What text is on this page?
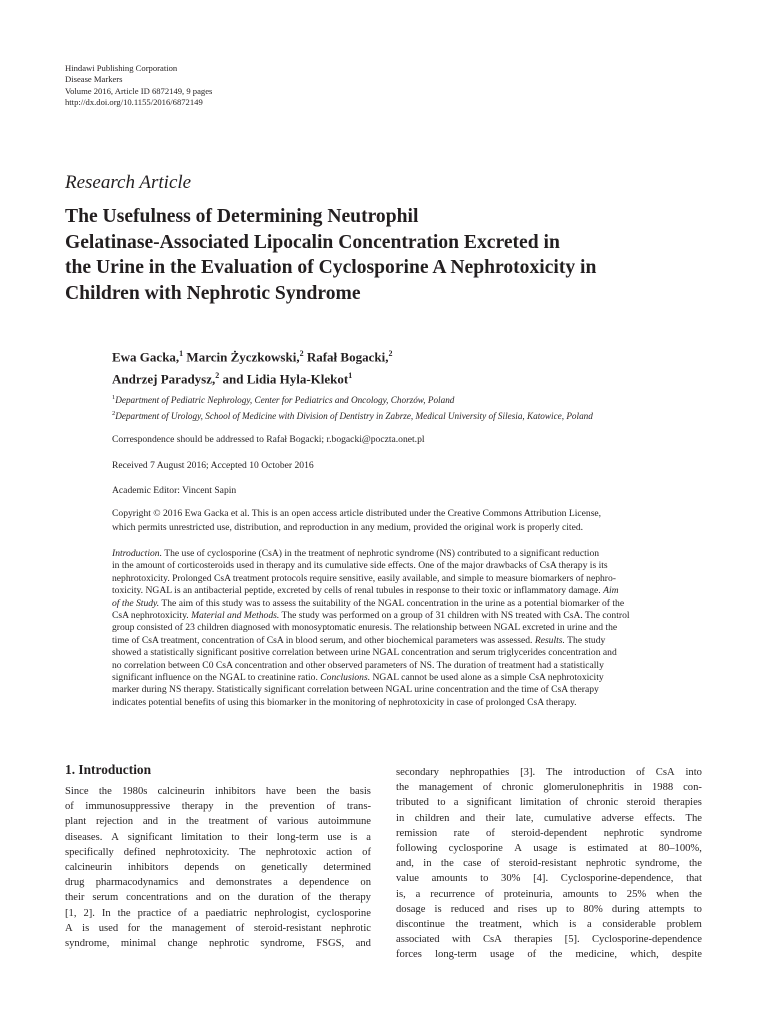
Hindawi Publishing Corporation
Disease Markers
Volume 2016, Article ID 6872149, 9 pages
http://dx.doi.org/10.1155/2016/6872149
Research Article
The Usefulness of Determining Neutrophil
Gelatinase-Associated Lipocalin Concentration Excreted in
the Urine in the Evaluation of Cyclosporine A Nephrotoxicity in
Children with Nephrotic Syndrome
Ewa Gacka,$^1$ Marcin Życzkowski,$^2$ Rafał Bogacki,$^2$
Andrzej Paradysz,$^2$ and Lidia Hyla-Klekot$^1$
$^1$Department of Pediatric Nephrology, Center for Pediatrics and Oncology, Chorzów, Poland
$^2$Department of Urology, School of Medicine with Division of Dentistry in Zabrze, Medical University of Silesia, Katowice, Poland
Correspondence should be addressed to Rafał Bogacki; r.bogacki@poczta.onet.pl
Received 7 August 2016; Accepted 10 October 2016
Academic Editor: Vincent Sapin
Copyright © 2016 Ewa Gacka et al. This is an open access article distributed under the Creative Commons Attribution License,
which permits unrestricted use, distribution, and reproduction in any medium, provided the original work is properly cited.
Introduction. The use of cyclosporine (CsA) in the treatment of nephrotic syndrome (NS) contributed to a significant reduction
in the amount of corticosteroids used in therapy and its cumulative side effects. One of the major drawbacks of CsA therapy is its
nephrotoxicity. Prolonged CsA treatment protocols require sensitive, easily available, and simple to measure biomarkers of nephro-
toxicity. NGAL is an antibacterial peptide, excreted by cells of renal tubules in response to their toxic or inflammatory damage. Aim
of the Study. The aim of this study was to assess the suitability of the NGAL concentration in the urine as a potential biomarker of the
CsA nephrotoxicity. Material and Methods. The study was performed on a group of 31 children with NS treated with CsA. The control
group consisted of 23 children diagnosed with monosyptomatic enuresis. The relationship between NGAL excreted in urine and the
time of CsA treatment, concentration of CsA in blood serum, and other biochemical parameters was assessed. Results. The study
showed a statistically significant positive correlation between urine NGAL concentration and serum triglycerides concentration and
no correlation between C0 CsA concentration and other observed parameters of NS. The duration of treatment had a statistically
significant influence on the NGAL to creatinine ratio. Conclusions. NGAL cannot be used alone as a simple CsA nephrotoxicity
marker during NS therapy. Statistically significant correlation between NGAL urine concentration and the time of CsA therapy
indicates potential benefits of using this biomarker in the monitoring of nephrotoxicity in case of prolonged CsA therapy.
1. Introduction
Since the 1980s calcineurin inhibitors have been the basis
of immunosuppressive therapy in the prevention of trans-
plant rejection and in the treatment of various autoimmune
diseases. A significant limitation to their long-term use is a
specifically defined nephrotoxicity. The nephrotoxic action of
calcineurin inhibitors depends on genetically determined
drug pharmacodynamics and demonstrates a dependence on
their serum concentrations and on the duration of the therapy
[1, 2]. In the practice of a paediatric nephrologist, cyclosporine
A is used for the management of steroid-resistant nephrotic
syndrome, minimal change nephrotic syndrome, FSGS, and
secondary nephropathies [3]. The introduction of CsA into
the management of chronic glomerulonephritis in 1988 con-
tributed to a significant limitation of chronic steroid therapies
in children and their late, cumulative adverse effects. The
remission rate of steroid-dependent nephrotic syndrome
following cyclosporine A usage is estimated at 80–100%,
and, in the case of steroid-resistant nephrotic syndrome, the
value amounts to 30% [4]. Cyclosporine-dependence, that
is, a recurrence of proteinuria, amounts to 25% when the
dosage is reduced and rises up to 80% during attempts to
discontinue the treatment, which is a considerable problem
associated with CsA therapies [5]. Cyclosporine-dependence
forces long-term usage of the medicine, which, despite
